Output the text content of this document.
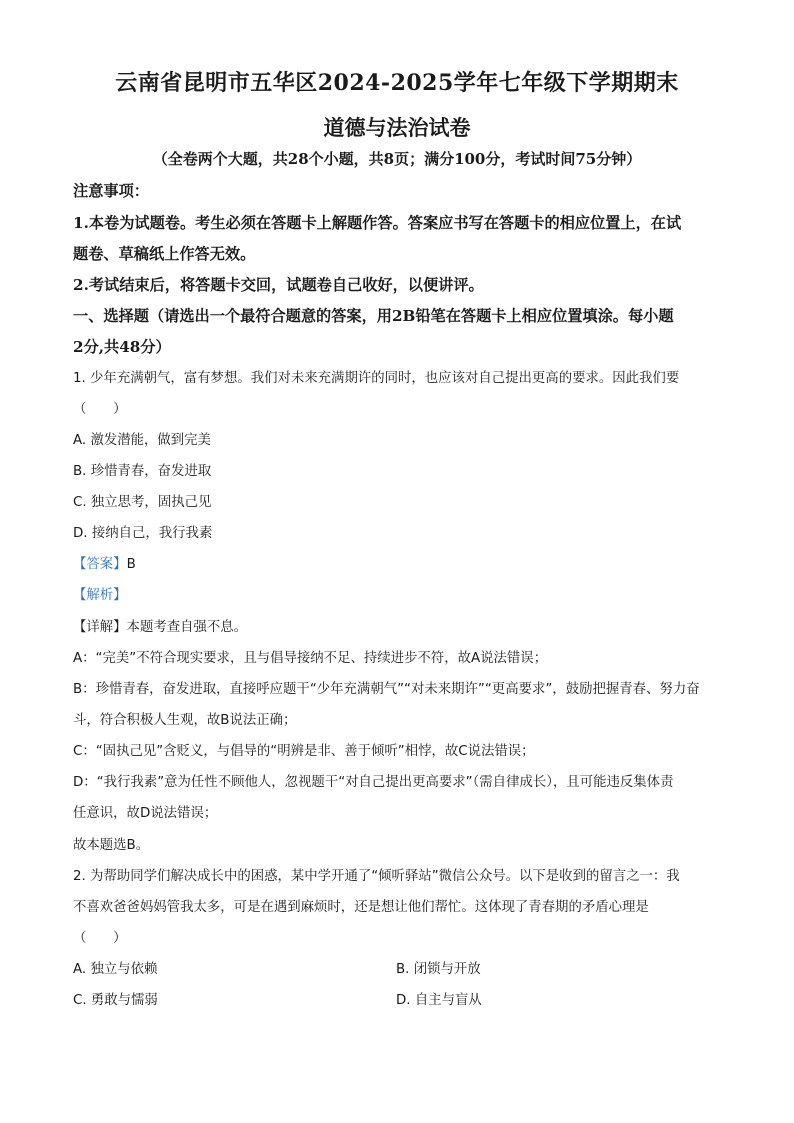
云南省昆明市五华区2024-2025学年七年级下学期期末
道德与法治试卷
（全卷两个大题，共28个小题，共8页；满分100分，考试时间75分钟）
注意事项：
1.本卷为试题卷。考生必须在答题卡上解题作答。答案应书写在答题卡的相应位置上，在试
题卷、草稿纸上作答无效。
2.考试结束后，将答题卡交回，试题卷自己收好，以便讲评。
一、选择题（请选出一个最符合题意的答案，用2B铅笔在答题卡上相应位置填涂。每小题
2分,共48分）
1. 少年充满朝气，富有梦想。我们对未来充满期许的同时，也应该对自己提出更高的要求。因此我们要
（　　）
A. 激发潜能，做到完美
B. 珍惜青春，奋发进取
C. 独立思考，固执己见
D. 接纳自己，我行我素
【答案】B
【解析】
【详解】本题考查自强不息。
A：“完美”不符合现实要求，且与倡导接纳不足、持续进步不符，故A说法错误；
B：珍惜青春，奋发进取，直接呼应题干“少年充满朝气”“对未来期许”“更高要求”，鼓励把握青春、努力奋
斗，符合积极人生观，故B说法正确；
C：“固执己见”含贬义，与倡导的“明辨是非、善于倾听”相悖，故C说法错误；
D：“我行我素”意为任性不顾他人，忽视题干“对自己提出更高要求”（需自律成长），且可能违反集体责
任意识，故D说法错误；
故本题选B。
2. 为帮助同学们解决成长中的困惑，某中学开通了“倾听驿站”微信公众号。以下是收到的留言之一：我
不喜欢爸爸妈妈管我太多，可是在遇到麻烦时，还是想让他们帮忙。这体现了青春期的矛盾心理是
（　　）
A. 独立与依赖	B. 闭锁与开放
C. 勇敢与懦弱	D. 自主与盲从
